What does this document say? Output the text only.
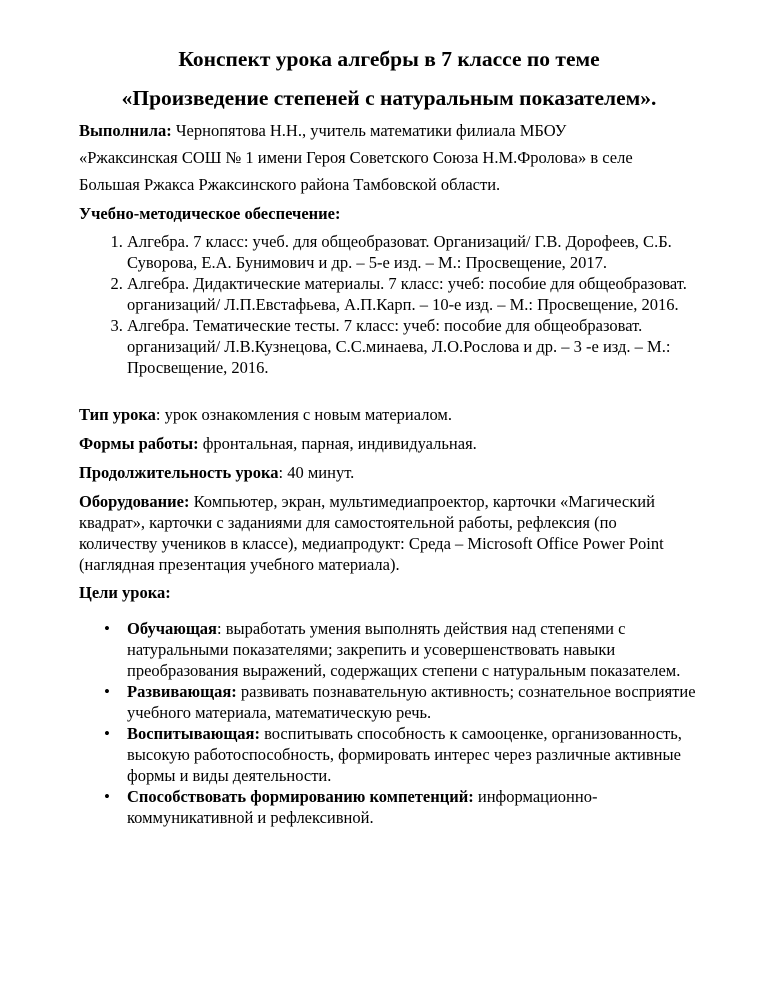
Конспект урока алгебры в 7 классе по теме
«Произведение степеней с натуральным показателем».

Выполнила: Чернопятова Н.Н., учитель математики филиала МБОУ
«Ржаксинская СОШ № 1 имени Героя Советского Союза Н.М.Фролова» в селе
Большая Ржакса Ржаксинского района Тамбовской области.

Учебно-методическое обеспечение:

1. Алгебра. 7 класс: учеб. для общеобразоват. Организаций/ Г.В. Дорофеев, С.Б. Суворова, Е.А. Бунимович и др. – 5-е изд. – М.: Просвещение, 2017.
2. Алгебра. Дидактические материалы. 7 класс: учеб: пособие для общеобразоват. организаций/ Л.П.Евстафьева, А.П.Карп. – 10-е изд. – М.: Просвещение, 2016.
3. Алгебра. Тематические тесты. 7 класс: учеб: пособие для общеобразоват. организаций/ Л.В.Кузнецова, С.С.минаева, Л.О.Рослова и др. – 3 -е изд. – М.: Просвещение, 2016.

Тип урока: урок ознакомления с новым материалом.

Формы работы: фронтальная, парная, индивидуальная.

Продолжительность урока: 40 минут.

Оборудование: Компьютер, экран, мультимедиапроектор, карточки «Магический квадрат», карточки с заданиями для самостоятельной работы, рефлексия (по количеству учеников в классе), медиапродукт: Среда – Microsoft Office Power Point (наглядная презентация учебного материала).

Цели урока:

• Обучающая: выработать умения выполнять действия над степенями с натуральными показателями; закрепить и усовершенствовать навыки преобразования выражений, содержащих степени с натуральным показателем.
• Развивающая: развивать познавательную активность; сознательное восприятие учебного материала, математическую речь.
• Воспитывающая: воспитывать способность к самооценке, организованность, высокую работоспособность, формировать интерес через различные активные формы и виды деятельности.
• Способствовать формированию компетенций: информационно-коммуникативной и рефлексивной.
